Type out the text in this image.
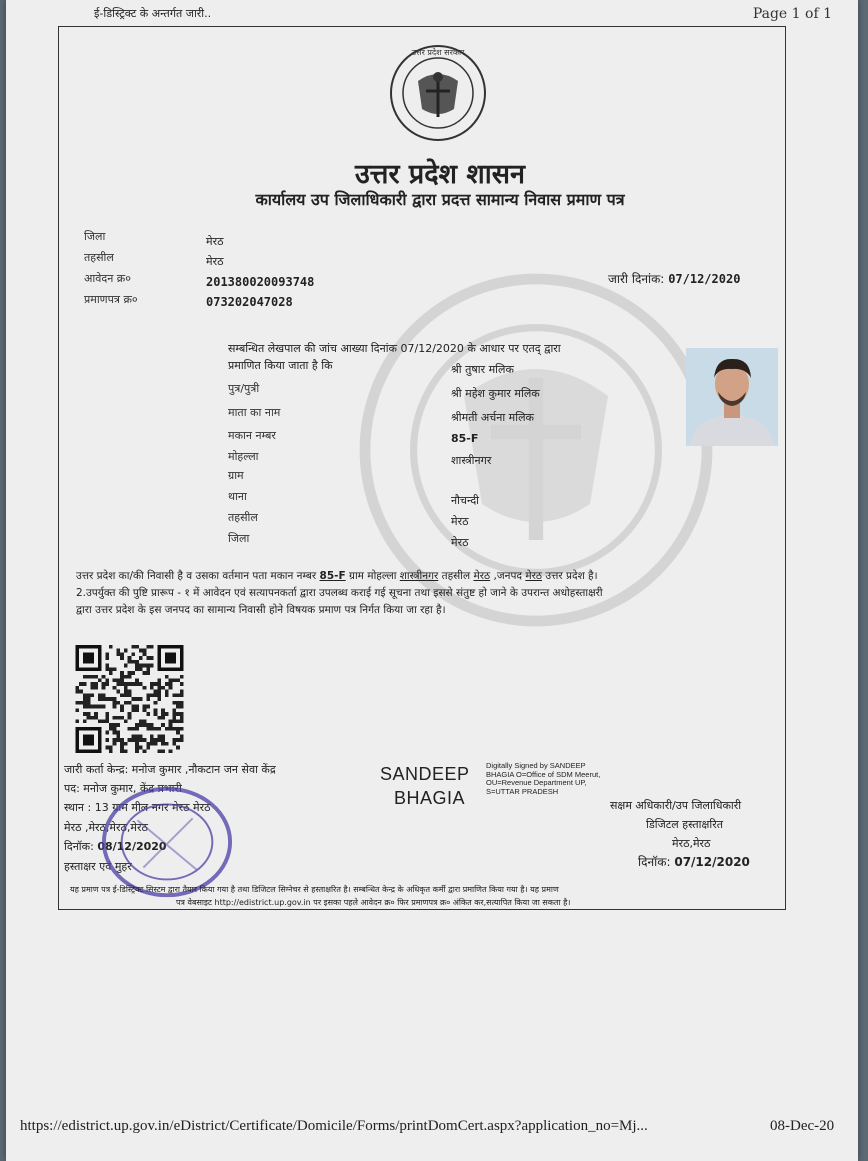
ई-डिस्ट्रिक्ट के अन्तर्गत जारी..	Page 1 of 1
उत्तर प्रदेश सरकार
उत्तर प्रदेश शासन
कार्यालय उप जिलाधिकारी द्वारा प्रदत्त सामान्य निवास प्रमाण पत्र
जिला	मेरठ
तहसील	मेरठ
आवेदन क्र०	201380020093748
प्रमाणपत्र क्र०	073202047028
जारी दिनांक: 07/12/2020
सम्बन्धित लेखपाल की जांच आख्या दिनांक 07/12/2020 के आधार पर एतद् द्वारा
प्रमाणित किया जाता है कि	श्री तुषार मलिक
पुत्र/पुत्री	श्री महेश कुमार मलिक
माता का नाम	श्रीमती अर्चना मलिक
मकान नम्बर	85-F
मोहल्ला	शास्त्रीनगर
ग्राम
थाना	नौचन्दी
तहसील	मेरठ
जिला	मेरठ
उत्तर प्रदेश का/की निवासी है व उसका वर्तमान पता मकान नम्बर 85-F ग्राम मोहल्ला शास्त्रीनगर तहसील मेरठ ,जनपद मेरठ उत्तर प्रदेश है।
2.उपर्युक्त की पुष्टि प्रारूप - १ में आवेदन एवं सत्यापनकर्ता द्वारा उपलब्ध कराई गई सूचना तथा इससे संतुष्ट हो जाने के उपरान्त अधोहस्ताक्षरी
द्वारा उत्तर प्रदेश के इस जनपद का सामान्य निवासी होने विषयक प्रमाण पत्र निर्गत किया जा रहा है।
जारी कर्ता केन्द्र: मनोज कुमार ,नौकटान जन सेवा केंद्र
पद: मनोज कुमार, केंद्र प्रभारी
स्थान : 13 ग्राम मील नगर मेरठ मेरठ
मेरठ ,मेरठ,मेरठ,मेरठ
दिनॉक: 08/12/2020
हस्ताक्षर एवं मुहर
SANDEEP
BHAGIA
Digitally Signed by SANDEEP
BHAGIA O=Office of SDM Meerut,
OU=Revenue Department UP,
S=UTTAR PRADESH
सक्षम अधिकारी/उप जिलाधिकारी
डिजिटल हस्ताक्षरित
मेरठ,मेरठ
दिनॉक: 07/12/2020
यह प्रमाण पत्र ई-डिस्ट्रिक्ट सिस्टम द्वारा तैयार किया गया है तथा डिजिटल सिग्नेचर से हस्ताक्षरित है। सम्बन्धित केन्द्र के अधिकृत कर्मी द्वारा प्रमाणित किया गया है। यह प्रमाण
पत्र वेबसाइट http://edistrict.up.gov.in पर इसका पहले आवेदन क्र० फिर प्रमाणपत्र क्र० अंकित कर,सत्यापित किया जा सकता है।
https://edistrict.up.gov.in/eDistrict/Certificate/Domicile/Forms/printDomCert.aspx?application_no=Mj...	08-Dec-20
